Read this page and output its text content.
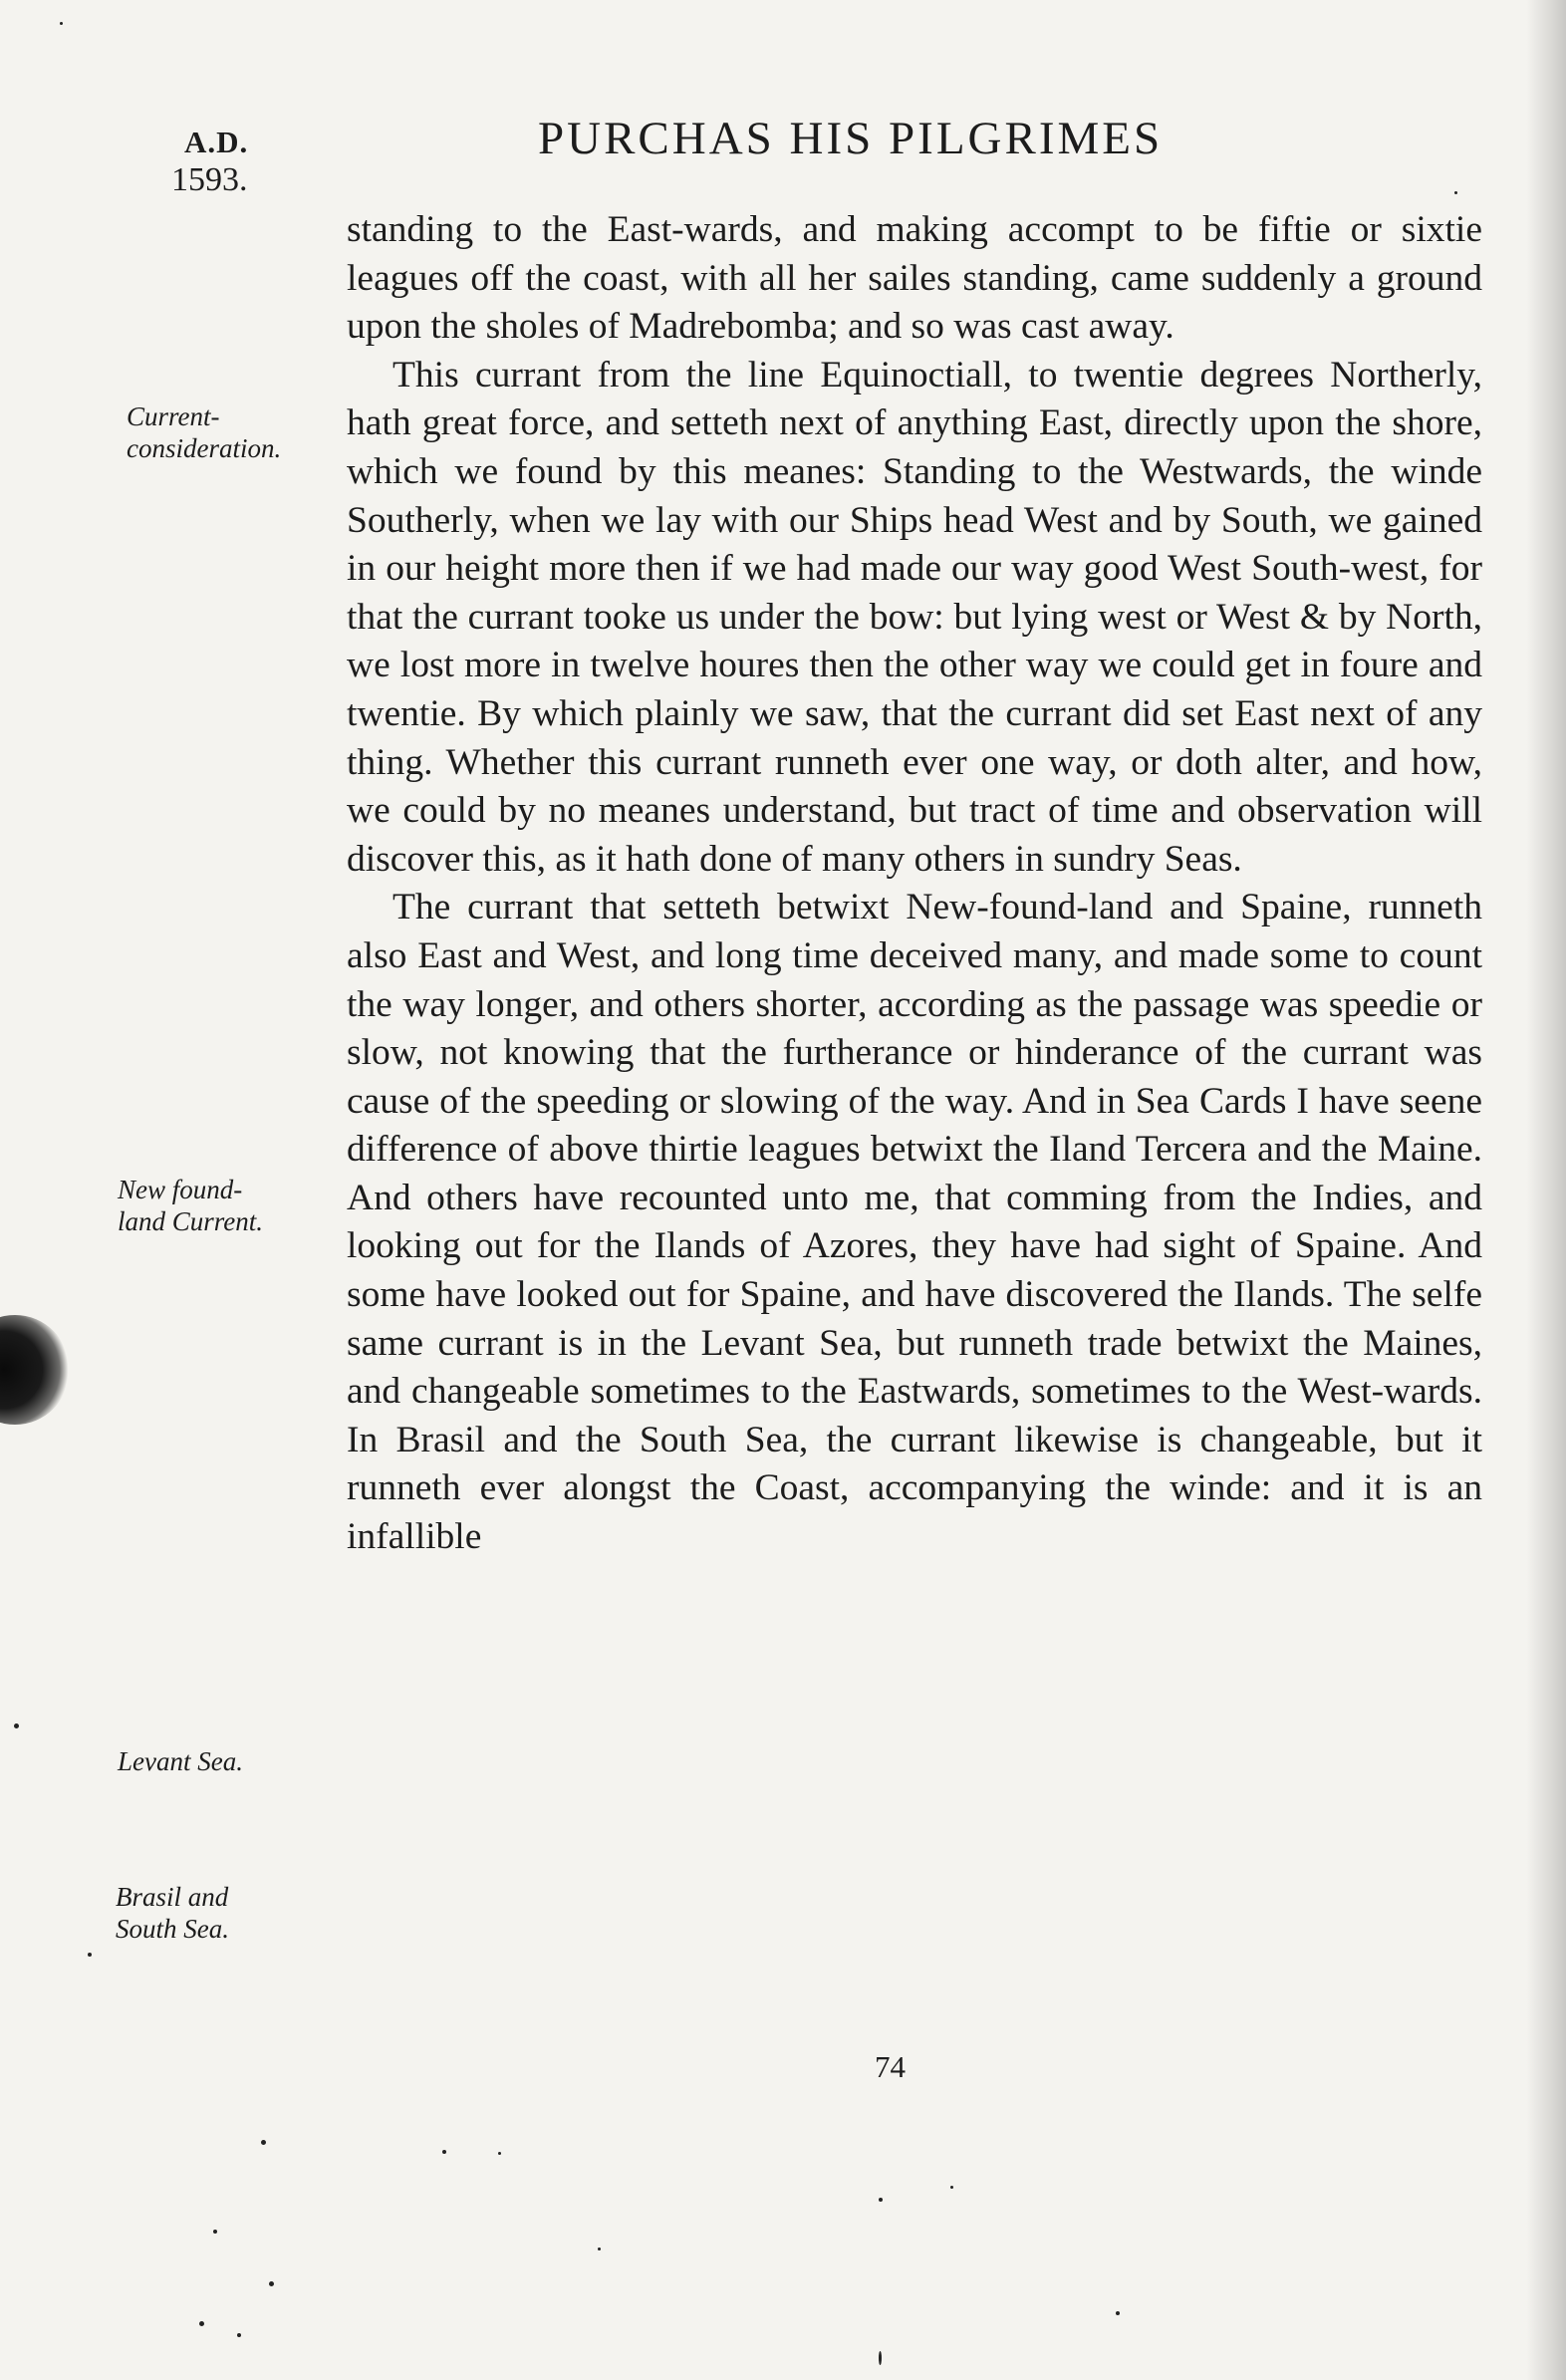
A.D.
1593.
PURCHAS HIS PILGRIMES
Current-
consideration.
New found-
land Current.
Levant Sea.
Brasil and
South Sea.

standing to the East-wards, and making accompt to be fiftie or sixtie leagues off the coast, with all her sailes standing, came suddenly a ground upon the sholes of Madrebomba; and so was cast away.

This currant from the line Equinoctiall, to twentie degrees Northerly, hath great force, and setteth next of anything East, directly upon the shore, which we found by this meanes: Standing to the Westwards, the winde Southerly, when we lay with our Ships head West and by South, we gained in our height more then if we had made our way good West South-west, for that the currant tooke us under the bow: but lying west or West & by North, we lost more in twelve houres then the other way we could get in foure and twentie. By which plainly we saw, that the currant did set East next of any thing. Whether this currant runneth ever one way, or doth alter, and how, we could by no meanes understand, but tract of time and observation will discover this, as it hath done of many others in sundry Seas.

The currant that setteth betwixt New-found-land and Spaine, runneth also East and West, and long time deceived many, and made some to count the way longer, and others shorter, according as the passage was speedie or slow, not knowing that the furtherance or hinderance of the currant was cause of the speeding or slowing of the way. And in Sea Cards I have seene difference of above thirtie leagues betwixt the Iland Tercera and the Maine. And others have recounted unto me, that comming from the Indies, and looking out for the Ilands of Azores, they have had sight of Spaine. And some have looked out for Spaine, and have discovered the Ilands. The selfe same currant is in the Levant Sea, but runneth trade betwixt the Maines, and changeable sometimes to the Eastwards, sometimes to the West-wards. In Brasil and the South Sea, the currant likewise is changeable, but it runneth ever alongst the Coast, accompanying the winde: and it is an infallible

74
